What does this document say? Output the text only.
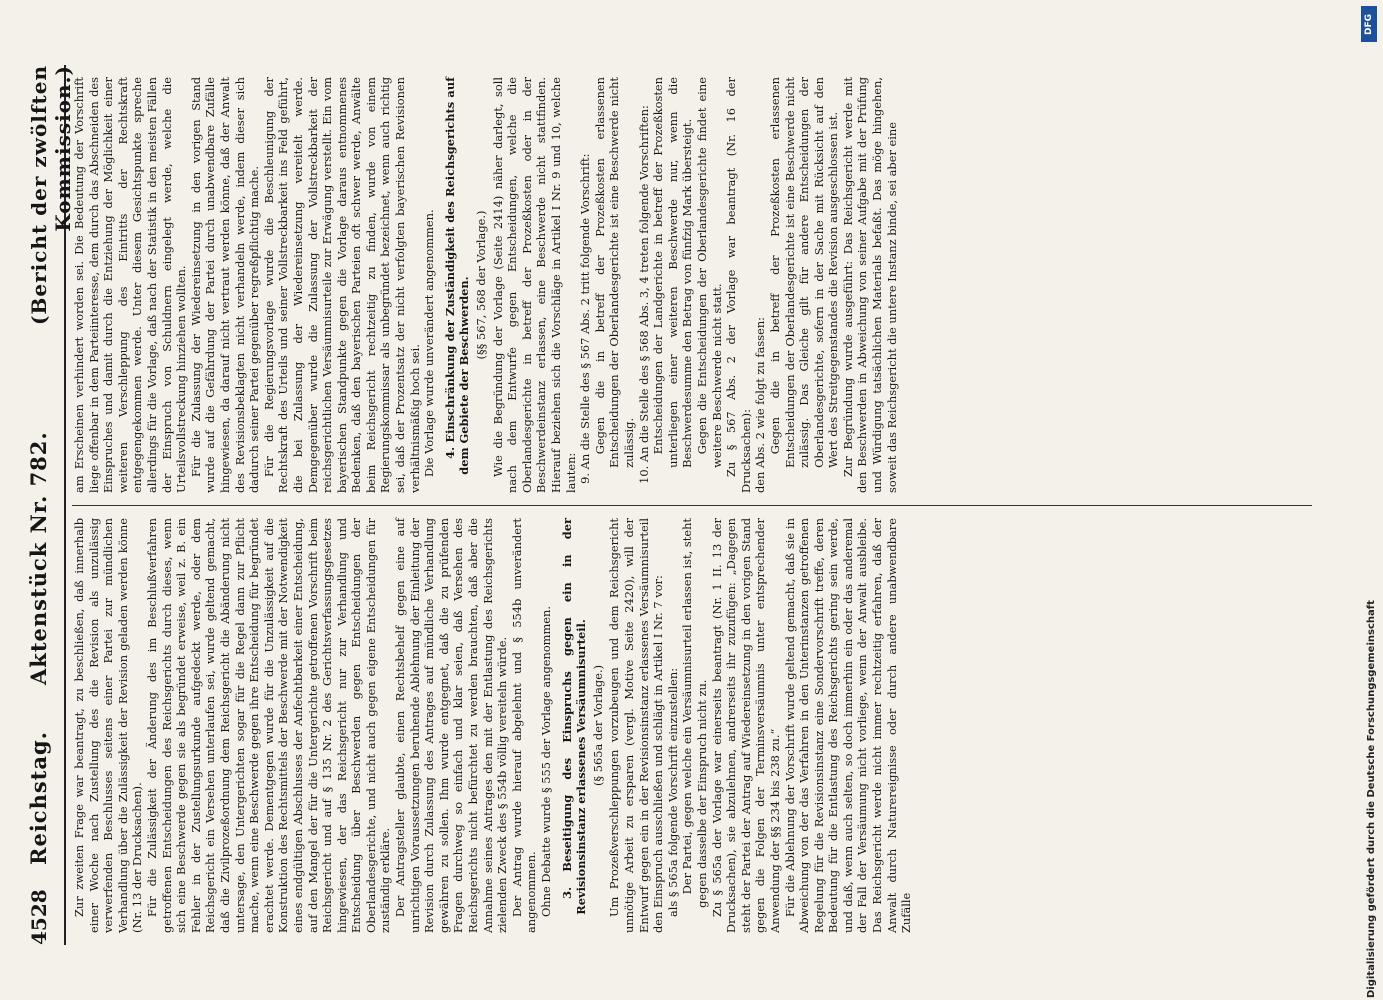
4528
Reichstag.
Aktenstück Nr. 782.
(Bericht der zwölften Kommission.)

Zur zweiten Frage war beantragt, zu beschließen, daß innerhalb einer Woche nach Zustellung des die Revision als unzulässig verwerfenden Beschlusses seitens einer Partei zur mündlichen Verhandlung über die Zulässigkeit der Revision geladen werden könne (Nr. 13 der Drucksachen). Für die Zulässigkeit der Änderung des im Beschlußverfahren getroffenen Entscheidungen des Reichsgerichts durch dieses, wenn sich eine Beschwerde gegen sie als begründet erweise, weil z. B. ein Fehler in der Zustellungsurkunde aufgedeckt werde, oder dem Reichsgericht ein Versehen unterlaufen sei, wurde geltend gemacht, daß die Zivilprozeßordnung dem Reichsgericht die Abänderung nicht untersage, den Untergerichten sogar für die Regel dann zur Pflicht mache, wenn eine Beschwerde gegen ihre Entscheidung für begründet erachtet werde. Dementgegen wurde für die Unzulässigkeit auf die Konstruktion des Rechtsmittels der Beschwerde mit der Notwendigkeit eines endgültigen Abschlusses der Anfechtbarkeit einer Entscheidung, auf den Mangel der für die Untergerichte getroffenen Vorschrift beim Reichsgericht und auf § 135 Nr. 2 des Gerichtsverfassungsgesetzes hingewiesen, der das Reichsgericht nur zur Verhandlung und Entscheidung über Beschwerden gegen Entscheidungen der Oberlandesgerichte, und nicht auch gegen eigene Entscheidungen für zuständig erkläre. Der Antragsteller glaubte, einen Rechtsbehelf gegen eine auf unrichtigen Voraussetzungen beruhende Ablehnung der Einleitung der Revision durch Zulassung des Antrages auf mündliche Verhandlung gewähren zu sollen. Ihm wurde entgegnet, daß die zu prüfenden Fragen durchweg so einfach und klar seien, daß Versehen des Reichsgerichts nicht befürchtet zu werden brauchten, daß aber die Annahme seines Antrages den mit der Entlastung des Reichsgerichts zielenden Zweck des § 554b völlig vereiteln würde. Der Antrag wurde hierauf abgelehnt und § 554b unverändert angenommen. Ohne Debatte wurde § 555 der Vorlage angenommen. 3. Beseitigung des Einspruchs gegen ein in der Revisionsinstanz erlassenes Versäumnisurteil. (§ 565a der Vorlage.) Um Prozeßverschleppungen vorzubeugen und dem Reichsgericht unnötige Arbeit zu ersparen (vergl. Motive Seite 2420), will der Entwurf gegen ein in der Revisionsinstanz erlassenes Versäumnisurteil den Einspruch ausschließen und schlägt in Artikel I Nr. 7 vor: als § 565a folgende Vorschrift einzustellen: Der Partei, gegen welche ein Versäumnisurteil erlassen ist, steht gegen dasselbe der Einspruch nicht zu. Zu § 565a der Vorlage war einerseits beantragt (Nr. 1 II. 13 der Drucksachen), sie abzulehnen, andrerseits ihr zuzufügen: „Dagegen steht der Partei der Antrag auf Wiedereinsetzung in den vorigen Stand gegen die Folgen der Terminsversäumnis unter entsprechender Anwendung der §§ 234 bis 238 zu.“ Für die Ablehnung der Vorschrift wurde geltend gemacht, daß sie in Abweichung von der das Verfahren in den Unterinstanzen getroffenen Regelung für die Revisionsinstanz eine Sondervorschrift treffe, deren Bedeutung für die Entlastung des Reichsgerichts gering sein werde, und daß, wenn auch selten, so doch immerhin ein oder das anderemal der Fall der Versäumung nicht vorliege, wenn der Anwalt ausbleibe. Das Reichsgericht werde nicht immer rechtzeitig erfahren, daß der Anwalt durch Naturereignisse oder durch andere unabwendbare Zufälle

am Erscheinen verhindert worden sei. Die Bedeutung der Vorschrift liege offenbar in dem Parteiinteresse, dem durch das Abschneiden des Einspruches und damit durch die Entziehung der Möglichkeit einer weiteren Verschleppung des Eintritts der Rechtskraft entgegengekommen werde. Unter diesem Gesichtspunkte spreche allerdings für die Vorlage, daß nach der Statistik in den meisten Fällen der Einspruch von Schuldnern eingelegt werde, welche die Urteilsvollstreckung hinziehen wollten. Für die Zulassung der Wiedereinsetzung in den vorigen Stand wurde auf die Gefährdung der Partei durch unabwendbare Zufälle hingewiesen, da darauf nicht vertraut werden könne, daß der Anwalt des Revisionsbeklagten nicht verhandeln werde, indem dieser sich dadurch seiner Partei gegenüber regreßpflichtig mache. Für die Regierungsvorlage wurde die Beschleunigung der Rechtskraft des Urteils und seiner Vollstreckbarkeit ins Feld geführt, die bei Zulassung der Wiedereinsetzung vereitelt werde. Demgegenüber wurde die Zulassung der Vollstreckbarkeit der reichsgerichtlichen Versäumnisurteile zur Erwägung verstellt. Ein vom bayerischen Standpunkte gegen die Vorlage daraus entnommenes Bedenken, daß den bayerischen Parteien oft schwer werde, Anwälte beim Reichsgericht rechtzeitig zu finden, wurde von einem Regierungskommissar als unbegründet bezeichnet, wenn auch richtig sei, daß der Prozentsatz der nicht verfolgten bayerischen Revisionen verhältnismäßig hoch sei. Die Vorlage wurde unverändert angenommen. 4. Einschränkung der Zuständigkeit des Reichsgerichts auf dem Gebiete der Beschwerden. (§§ 567, 568 der Vorlage.) Wie die Begründung der Vorlage (Seite 2414) näher darlegt, soll nach dem Entwurfe gegen Entscheidungen, welche die Oberlandesgerichte in betreff der Prozeßkosten oder in der Beschwerdeinstanz erlassen, eine Beschwerde nicht stattfinden. Hierauf beziehen sich die Vorschläge in Artikel I Nr. 9 und 10, welche lauten: 9. An die Stelle des § 567 Abs. 2 tritt folgende Vorschrift: Gegen die in betreff der Prozeßkosten erlassenen Entscheidungen der Oberlandesgerichte ist eine Beschwerde nicht zulässig. 10. An die Stelle des § 568 Abs. 3, 4 treten folgende Vorschriften: Entscheidungen der Landgerichte in betreff der Prozeßkosten unterliegen einer weiteren Beschwerde nur, wenn die Beschwerdesumme den Betrag von fünfzig Mark übersteigt. Gegen die Entscheidungen der Oberlandesgerichte findet eine weitere Beschwerde nicht statt. Zu § 567 Abs. 2 der Vorlage war beantragt (Nr. 16 der Drucksachen): den Abs. 2 wie folgt zu fassen: Gegen die in betreff der Prozeßkosten erlassenen Entscheidungen der Oberlandesgerichte ist eine Beschwerde nicht zulässig. Das Gleiche gilt für andere Entscheidungen der Oberlandesgerichte, sofern in der Sache mit Rücksicht auf den Wert des Streitgegenstandes die Revision ausgeschlossen ist. Zur Begründung wurde ausgeführt: Das Reichsgericht werde mit den Beschwerden in Abweichung von seiner Aufgabe mit der Prüfung und Würdigung tatsächlichen Materials befaßt. Das möge hingehen, soweit das Reichsgericht die untere Instanz binde, sei aber eine

DFG
Digitalisierung gefördert durch die Deutsche Forschungsgemeinschaft
